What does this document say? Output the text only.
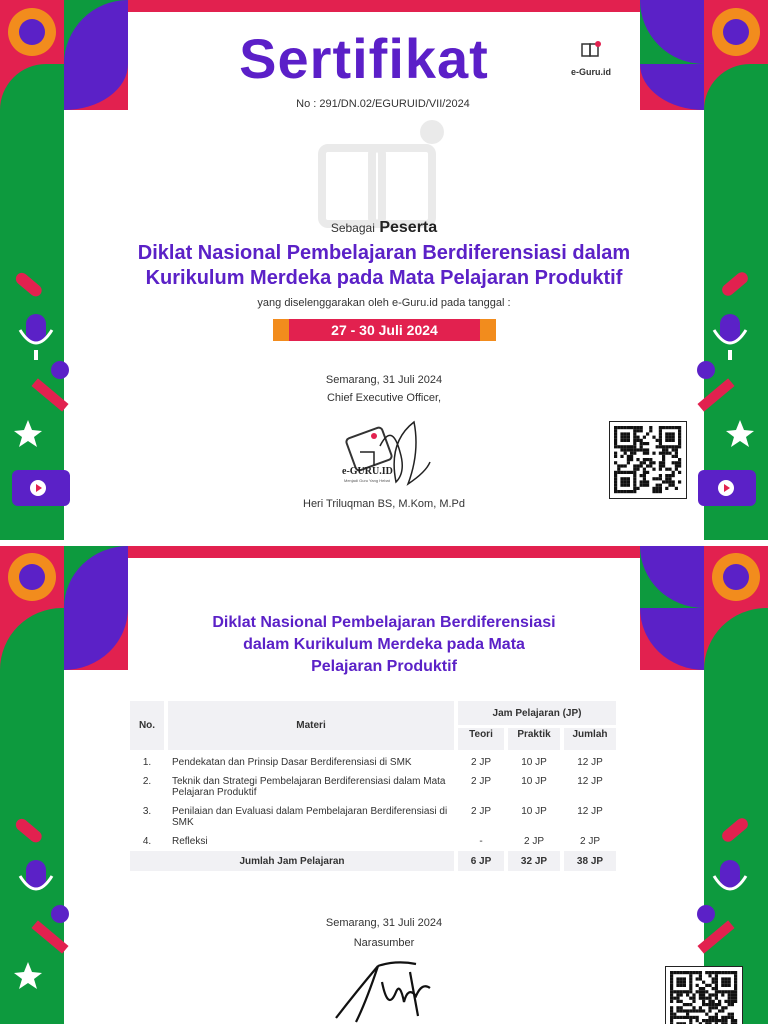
Sertifikat	e-Guru.id
No : 291/DN.02/EGURUID/VII/2024
Sebagai Peserta
Diklat Nasional Pembelajaran Berdiferensiasi dalam
Kurikulum Merdeka pada Mata Pelajaran Produktif
yang diselenggarakan oleh e-Guru.id pada tanggal :
27 - 30 Juli 2024
Semarang, 31 Juli 2024
Chief Executive Officer,
e-GURU.ID
Menjadi Guru Yang Hebat
Heri Triluqman BS, M.Kom, M.Pd
Diklat Nasional Pembelajaran Berdiferensiasi
dalam Kurikulum Merdeka pada Mata
Pelajaran Produktif
No.	Materi	Jam Pelajaran (JP)		
		Teori	Praktik	Jumlah
1.	Pendekatan dan Prinsip Dasar Berdiferensiasi di SMK	2 JP	10 JP	12 JP
2.	Teknik dan Strategi Pembelajaran Berdiferensiasi dalam Mata Pelajaran Produktif	2 JP	10 JP	12 JP
3.	Penilaian dan Evaluasi dalam Pembelajaran Berdiferensiasi di SMK	2 JP	10 JP	12 JP
4.	Refleksi	-	2 JP	2 JP
Jumlah Jam Pelajaran		6 JP	32 JP	38 JP
Semarang, 31 Juli 2024
Narasumber
